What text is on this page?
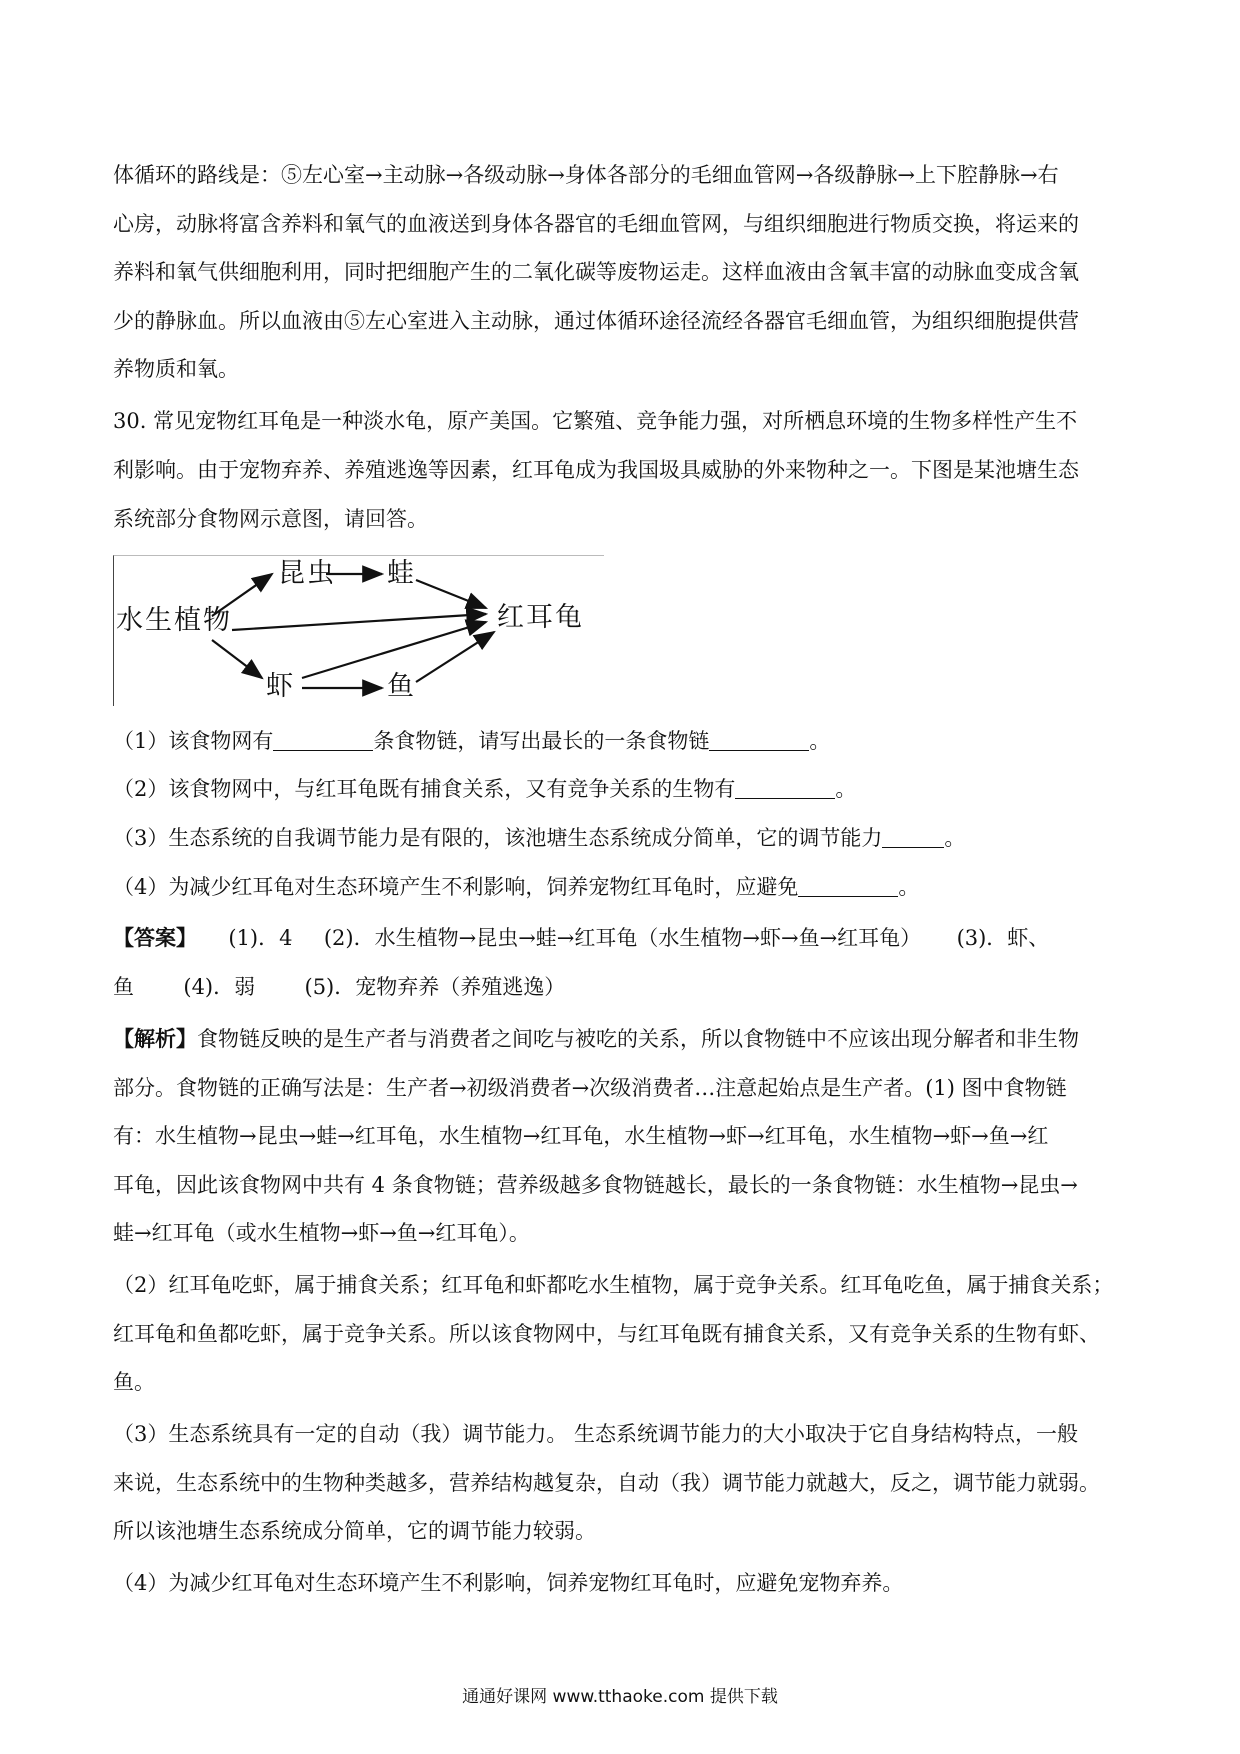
体循环的路线是：⑤左心室→主动脉→各级动脉→身体各部分的毛细血管网→各级静脉→上下腔静脉→右
心房，动脉将富含养料和氧气的血液送到身体各器官的毛细血管网，与组织细胞进行物质交换，将运来的
养料和氧气供细胞利用，同时把细胞产生的二氧化碳等废物运走。这样血液由含氧丰富的动脉血变成含氧
少的静脉血。所以血液由⑤左心室进入主动脉，通过体循环途径流经各器官毛细血管，为组织细胞提供营
养物质和氧。
30. 常见宠物红耳龟是一种淡水龟，原产美国。它繁殖、竞争能力强，对所栖息环境的生物多样性产生不
利影响。由于宠物弃养、养殖逃逸等因素，红耳龟成为我国圾具威胁的外来物种之一。下图是某池塘生态
系统部分食物网示意图，请回答。
水生植物
昆虫 蛙
虾	鱼
红耳龟
（1）该食物网有	条食物链，请写出最长的一条食物链	。
（2）该食物网中，与红耳龟既有捕食关系，又有竞争关系的生物有	。
（3）生态系统的自我调节能力是有限的，该池塘生态系统成分简单，它的调节能力	。
（4）为减少红耳龟对生态环境产生不利影响，饲养宠物红耳龟时，应避免	。
【答案】 (1)．4 (2)．水生植物→昆虫→蛙→红耳龟（水生植物→虾→鱼→红耳龟） (3)．虾、
鱼 (4)．弱 (5)．宠物弃养（养殖逃逸）
【解析】食物链反映的是生产者与消费者之间吃与被吃的关系，所以食物链中不应该出现分解者和非生物
部分。食物链的正确写法是：生产者→初级消费者→次级消费者…注意起始点是生产者。(1) 图中食物链
有：水生植物→昆虫→蛙→红耳龟，水生植物→红耳龟，水生植物→虾→红耳龟，水生植物→虾→鱼→红
耳龟，因此该食物网中共有 4 条食物链；营养级越多食物链越长，最长的一条食物链：水生植物→昆虫→
蛙→红耳龟（或水生植物→虾→鱼→红耳龟）。
（2）红耳龟吃虾，属于捕食关系；红耳龟和虾都吃水生植物，属于竞争关系。红耳龟吃鱼，属于捕食关系；
红耳龟和鱼都吃虾，属于竞争关系。所以该食物网中，与红耳龟既有捕食关系，又有竞争关系的生物有虾、
鱼。
（3）生态系统具有一定的自动（我）调节能力。 生态系统调节能力的大小取决于它自身结构特点，一般
来说，生态系统中的生物种类越多，营养结构越复杂，自动（我）调节能力就越大，反之，调节能力就弱。
所以该池塘生态系统成分简单，它的调节能力较弱。
（4）为减少红耳龟对生态环境产生不利影响，饲养宠物红耳龟时，应避免宠物弃养。
通通好课网 www.tthaoke.com 提供下载
